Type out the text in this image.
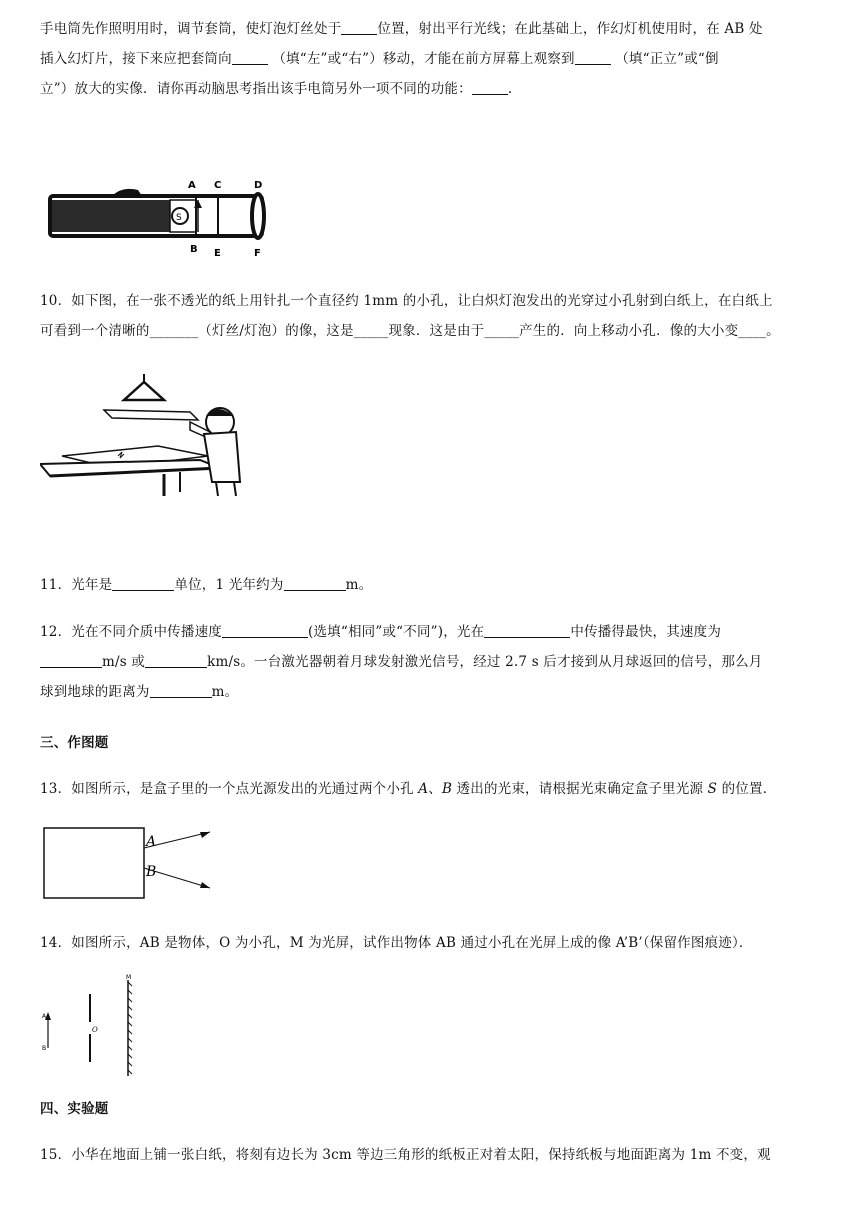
手电筒先作照明用时，调节套筒，使灯泡灯丝处于	位置，射出平行光线；在此基础上，作幻灯机使用时，在 AB 处
插入幻灯片，接下来应把套筒向	（填“左”或“右”）移动，才能在前方屏幕上观察到	（填“正立”或“倒
立”）放大的实像．请你再动脑思考指出该手电筒另外一项不同的功能：	.
S
A C	D
B E	F
10．如下图，在一张不透光的纸上用针扎一个直径约 1mm 的小孔，让白炽灯泡发出的光穿过小孔射到白纸上，在白纸上
可看到一个清晰的_______（灯丝/灯泡）的像，这是_____现象．这是由于_____产生的．向上移动小孔．像的大小变____。
11．光年是	单位，1 光年约为	m。
12．光在不同介质中传播速度	(选填“相同”或“不同”)，光在	中传播得最快，其速度为
m/s 或	km/s。一台激光器朝着月球发射激光信号，经过 2.7 s 后才接到从月球返回的信号，那么月
球到地球的距离为	m。
三、作图题
13．如图所示，是盒子里的一个点光源发出的光通过两个小孔 A、B 透出的光束，请根据光束确定盒子里光源 S 的位置．
A
B
14．如图所示，AB 是物体，O 为小孔，M 为光屏，试作出物体 AB 通过小孔在光屏上成的像 A’B’（保留作图痕迹）．
A
B
O
M
四、实验题
15．小华在地面上铺一张白纸，将刻有边长为 3cm 等边三角形的纸板正对着太阳，保持纸板与地面距离为 1m 不变，观
